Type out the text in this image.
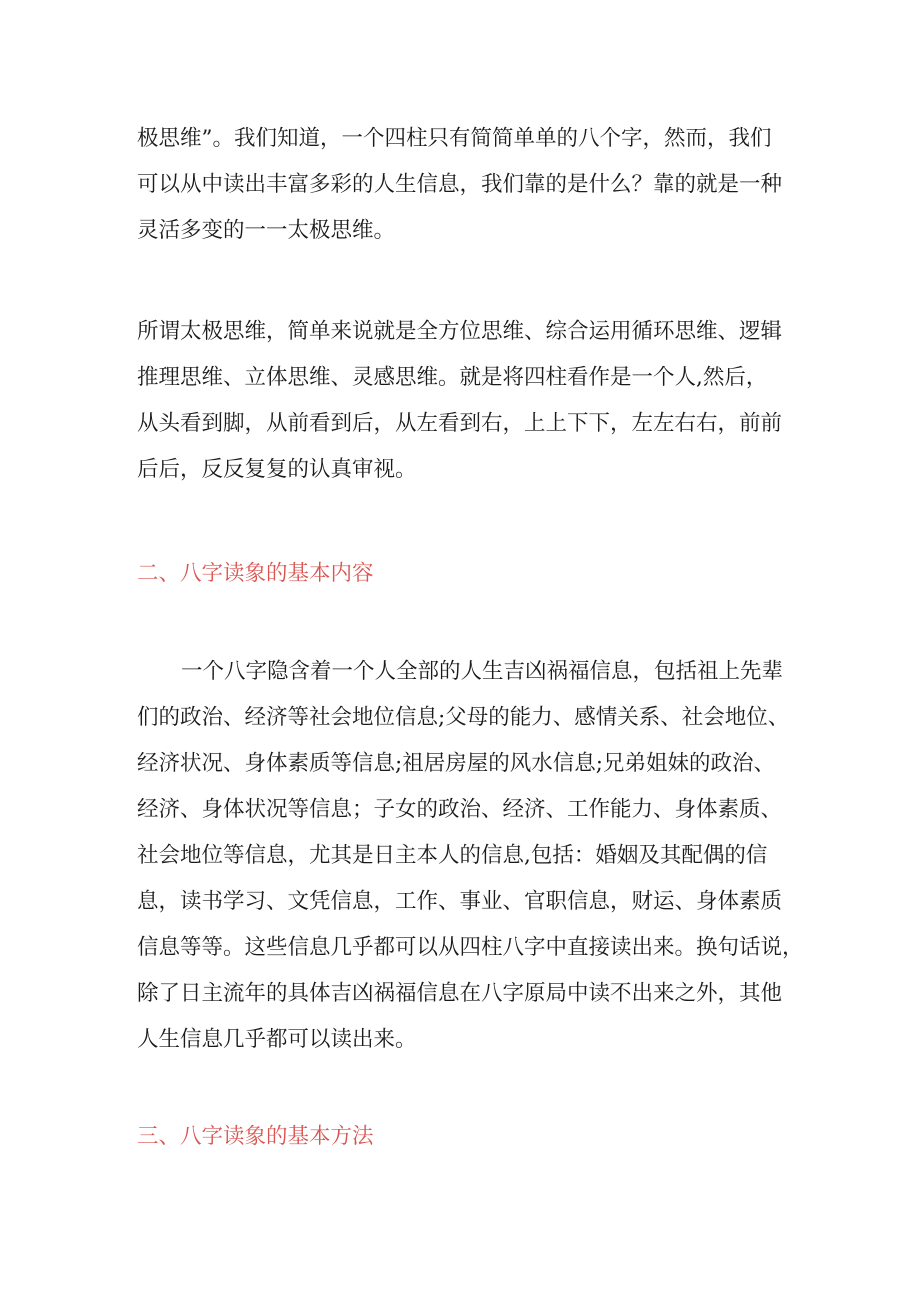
极思维”。我们知道，一个四柱只有简简单单的八个字，然而，我们
可以从中读出丰富多彩的人生信息，我们靠的是什么？靠的就是一种
灵活多变的一一太极思维。

所谓太极思维，简单来说就是全方位思维、综合运用循环思维、逻辑
推理思维、立体思维、灵感思维。就是将四柱看作是一个人,然后，
从头看到脚，从前看到后，从左看到右，上上下下，左左右右，前前
后后，反反复复的认真审视。

二、八字读象的基本内容

一个八字隐含着一个人全部的人生吉凶祸福信息，包括祖上先辈
们的政治、经济等社会地位信息;父母的能力、感情关系、社会地位、
经济状况、身体素质等信息;祖居房屋的风水信息;兄弟姐妹的政治、
经济、身体状况等信息；子女的政治、经济、工作能力、身体素质、
社会地位等信息，尤其是日主本人的信息,包括：婚姻及其配偶的信
息，读书学习、文凭信息，工作、事业、官职信息，财运、身体素质
信息等等。这些信息几乎都可以从四柱八字中直接读出来。换句话说，
除了日主流年的具体吉凶祸福信息在八字原局中读不出来之外，其他
人生信息几乎都可以读出来。

三、八字读象的基本方法
